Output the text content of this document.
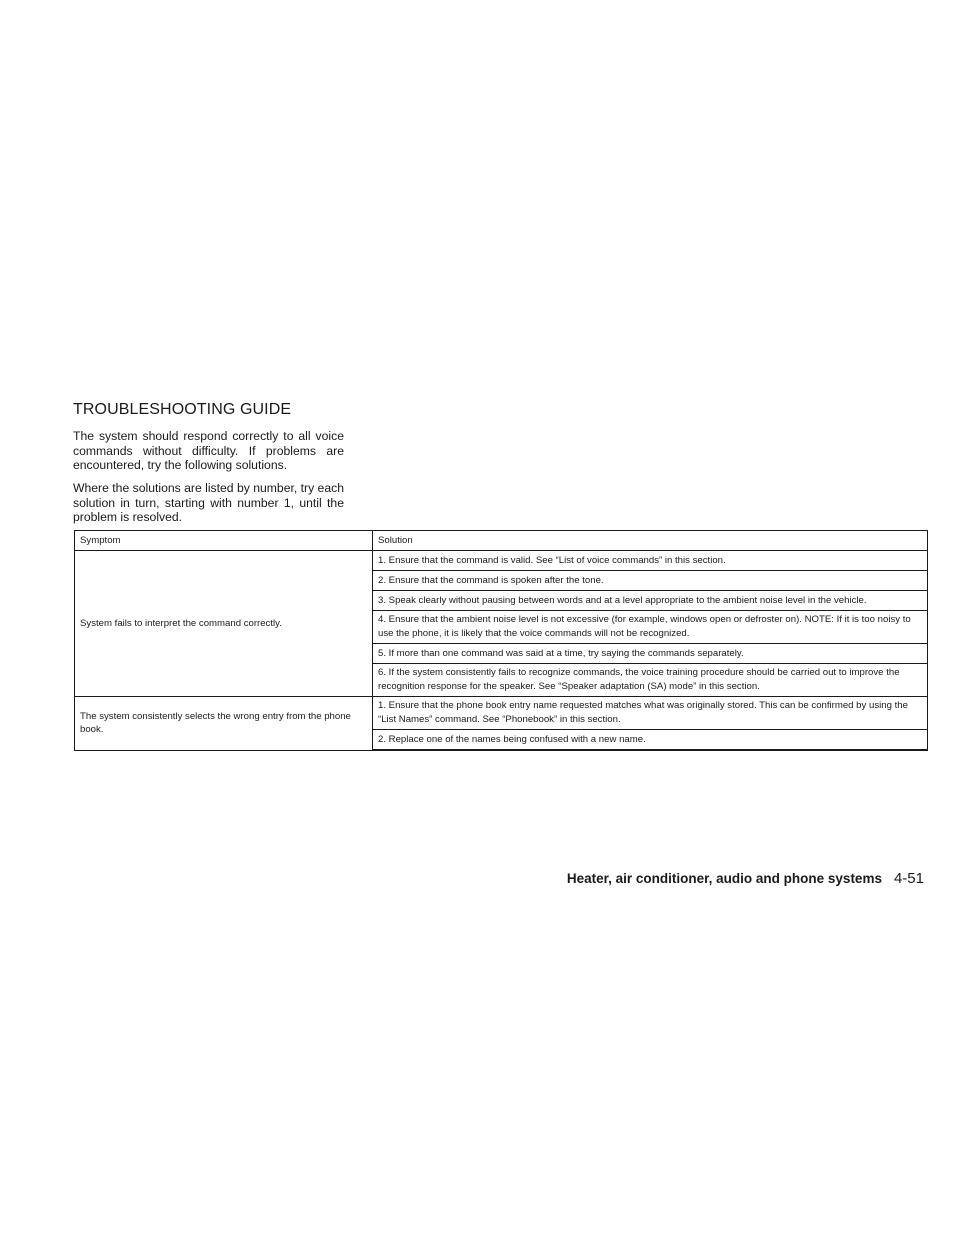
TROUBLESHOOTING GUIDE

The system should respond correctly to all voice commands without difficulty. If problems are encountered, try the following solutions.

Where the solutions are listed by number, try each solution in turn, starting with number 1, until the problem is resolved.

Symptom	Solution
System fails to interpret the command correctly.	1. Ensure that the command is valid. See “List of voice commands” in this section.
	2. Ensure that the command is spoken after the tone.
	3. Speak clearly without pausing between words and at a level appropriate to the ambient noise level in the vehicle.
	4. Ensure that the ambient noise level is not excessive (for example, windows open or defroster on). NOTE: If it is too noisy to use the phone, it is likely that the voice commands will not be recognized.
	5. If more than one command was said at a time, try saying the commands separately.
	6. If the system consistently fails to recognize commands, the voice training procedure should be carried out to improve the recognition response for the speaker. See “Speaker adaptation (SA) mode” in this section.
The system consistently selects the wrong entry from the phone book.	1. Ensure that the phone book entry name requested matches what was originally stored. This can be confirmed by using the “List Names” command. See “Phonebook” in this section.
	2. Replace one of the names being confused with a new name.
Heater, air conditioner, audio and phone systems 4-51
